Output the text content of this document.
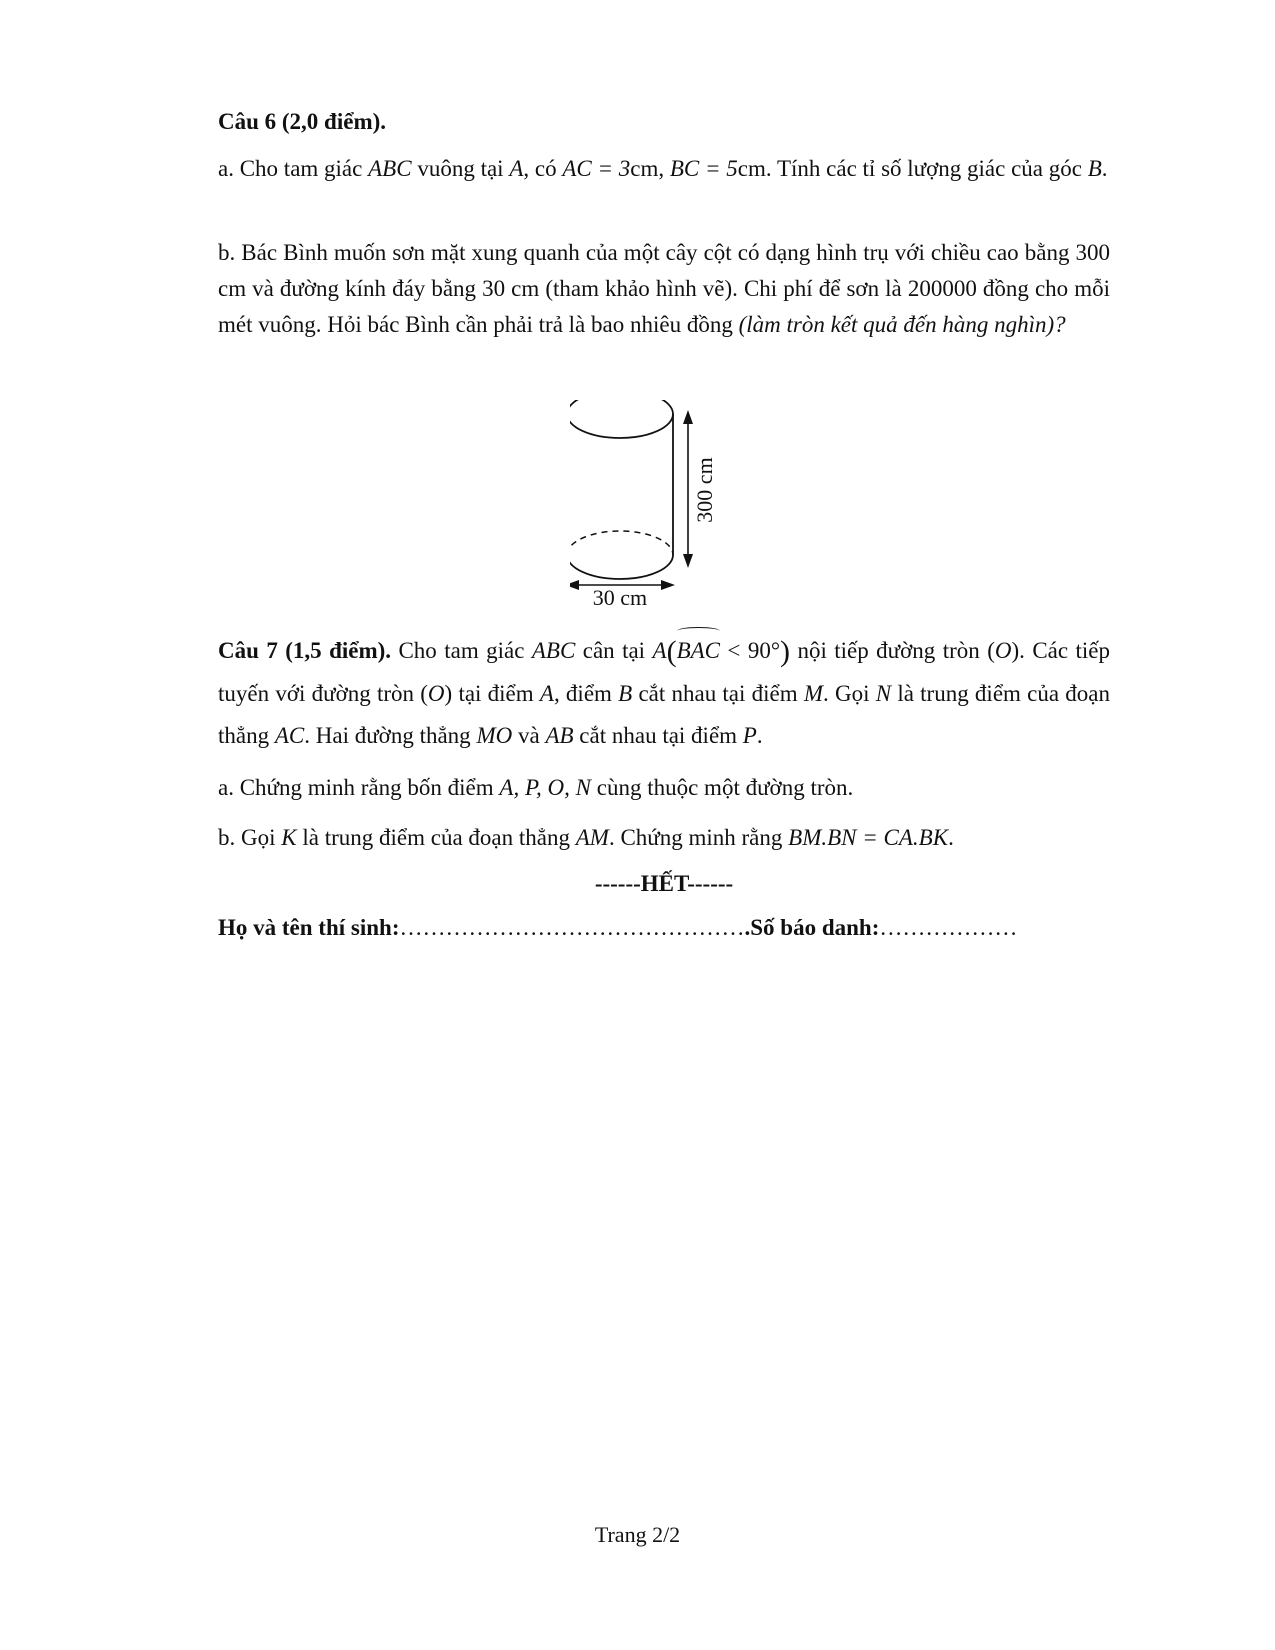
Câu 6 (2,0 điểm).
a. Cho tam giác ABC vuông tại A, có AC = 3cm, BC = 5cm. Tính các tỉ số lượng giác của góc B.
b. Bác Bình muốn sơn mặt xung quanh của một cây cột có dạng hình trụ với chiều cao bằng 300 cm và đường kính đáy bằng 30 cm (tham khảo hình vẽ). Chi phí để sơn là 200000 đồng cho mỗi mét vuông. Hỏi bác Bình cần phải trả là bao nhiêu đồng (làm tròn kết quả đến hàng nghìn)?
300 cm
30 cm
Câu 7 (1,5 điểm). Cho tam giác ABC cân tại A(BAC < 90°) nội tiếp đường tròn (O). Các tiếp tuyến với đường tròn (O) tại điểm A, điểm B cắt nhau tại điểm M. Gọi N là trung điểm của đoạn thẳng AC. Hai đường thẳng MO và AB cắt nhau tại điểm P.
a. Chứng minh rằng bốn điểm A, P, O, N cùng thuộc một đường tròn.
b. Gọi K là trung điểm của đoạn thẳng AM. Chứng minh rằng BM.BN = CA.BK.
------HẾT------
Họ và tên thí sinh:……………………………………….Số báo danh:………………
Trang 2/2
